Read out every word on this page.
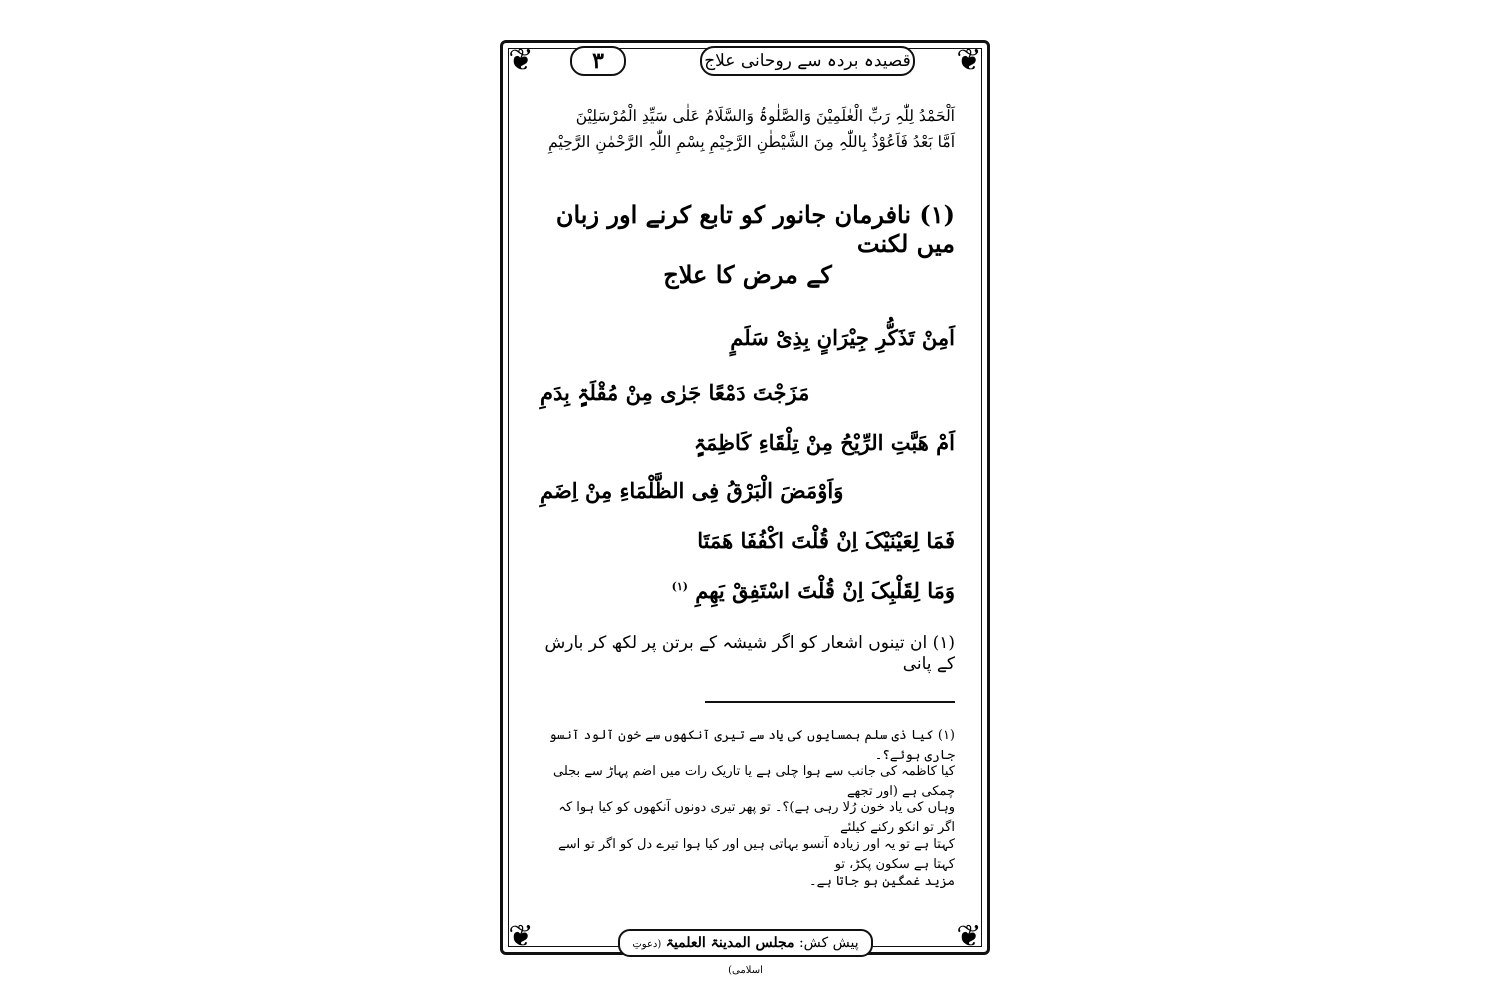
❦	❦
❦	❦
۳	قصیدہ بردہ سے روحانی علاج
اَلْحَمْدُ لِلّٰہِ رَبِّ الْعٰلَمِیْنَ وَالصَّلٰوۃُ وَالسَّلَامُ عَلٰی سَیِّدِ الْمُرْسَلِیْنَ
اَمَّا بَعْدُ فَاَعُوْذُ بِاللّٰہِ مِنَ الشَّیْطٰنِ الرَّجِیْمِ بِسْمِ اللّٰہِ الرَّحْمٰنِ الرَّحِیْمِ
(۱) نافرمان جانور کو تابع کرنے اور زبان میں لکنت
کے مرض کا علاج
اَمِنْ تَذَکُّرِ جِیْرَانٍ بِذِیْ سَلَمٍ
مَزَجْتَ دَمْعًا جَرٰی مِنْ مُقْلَۃٍ بِدَمِ
اَمْ ھَبَّتِ الرِّیْحُ مِنْ تِلْقَاءِ کَاظِمَۃٍ
وَاَوْمَضَ الْبَرْقُ فِی الظَّلْمَاءِ مِنْ اِضَمِ
فَمَا لِعَیْنَیْکَ اِنْ قُلْتَ اکْفُفَا ھَمَتَا
وَمَا لِقَلْبِکَ اِنْ قُلْتَ اسْتَفِقْ یَھِمِ $^{(۱)}$
(۱) ان تینوں اشعار کو اگر شیشہ کے برتن پر لکھ کر بارش کے پانی
(۱) کیا ذی سلم ہمسایوں کی یاد سے تیری آنکھوں سے خون آلود آنسو جاری ہوئے؟۔
کیا کاظمہ کی جانب سے ہوا چلی ہے یا تاریک رات میں اضم پہاڑ سے بجلی چمکی ہے (اور تجھے
وہاں کی یاد خون رُلا رہی ہے)؟۔ تو پھر تیری دونوں آنکھوں کو کیا ہوا کہ اگر تو انکو رکنے کیلئے
کہتا ہے تو یہ اور زیادہ آنسو بہاتی ہیں اور کیا ہوا تیرے دل کو اگر تو اسے کہتا ہے سکون پکڑ، تو
مزید غمگین ہو جاتا ہے۔
پیش کش: مجلس المدینۃ العلمیۃ (دعوتِ اسلامی)
